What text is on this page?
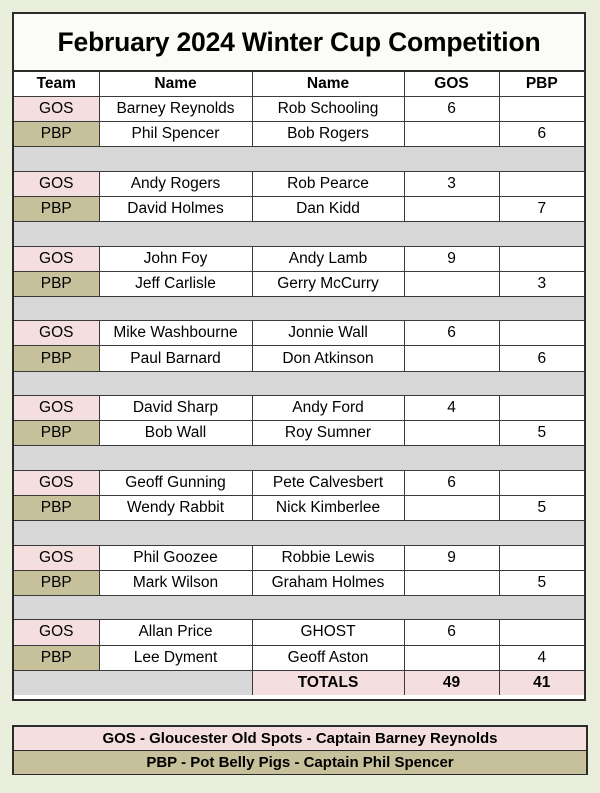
February 2024 Winter Cup Competition
Team	Name	Name	GOS	PBP
GOS	Barney Reynolds	Rob Schooling	6	
PBP	Phil Spencer	Bob Rogers		6

GOS	Andy Rogers	Rob Pearce	3	
PBP	David Holmes	Dan Kidd		7

GOS	John Foy	Andy Lamb	9	
PBP	Jeff Carlisle	Gerry McCurry		3

GOS	Mike Washbourne	Jonnie Wall	6	
PBP	Paul Barnard	Don Atkinson		6

GOS	David Sharp	Andy Ford	4	
PBP	Bob Wall	Roy Sumner		5

GOS	Geoff Gunning	Pete Calvesbert	6	
PBP	Wendy Rabbit	Nick Kimberlee		5

GOS	Phil Goozee	Robbie Lewis	9	
PBP	Mark Wilson	Graham Holmes		5

GOS	Allan Price	GHOST	6	
PBP	Lee Dyment	Geoff Aston		4
		TOTALS	49	41
GOS - Gloucester Old Spots - Captain Barney Reynolds
PBP - Pot Belly Pigs - Captain Phil Spencer
